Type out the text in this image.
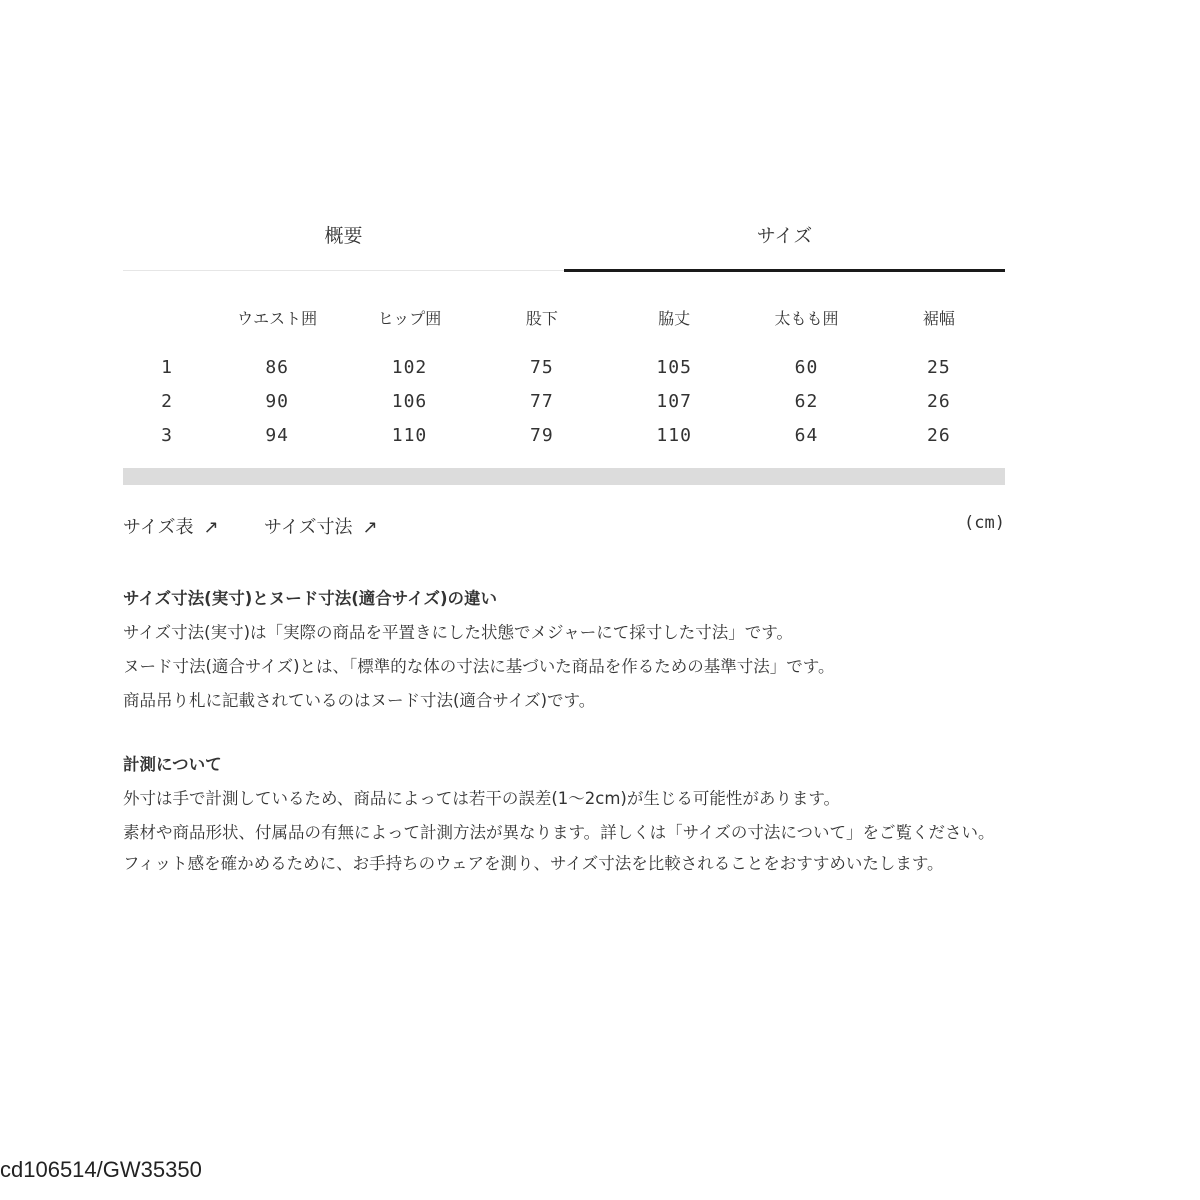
概要	サイズ
	ウエスト囲	ヒップ囲	股下	脇丈	太もも囲	裾幅

1	86	102	75	105	60	25
2	90	106	77	107	62	26
3	94	110	79	110	64	26
サイズ表 ↗	サイズ寸法 ↗	(cm)
サイズ寸法(実寸)とヌード寸法(適合サイズ)の違い

サイズ寸法(実寸)は「実際の商品を平置きにした状態でメジャーにて採寸した寸法」です。

ヌード寸法(適合サイズ)とは、「標準的な体の寸法に基づいた商品を作るための基準寸法」です。

商品吊り札に記載されているのはヌード寸法(適合サイズ)です。

計測について

外寸は手で計測しているため、商品によっては若干の誤差(1〜2cm)が生じる可能性があります。

素材や商品形状、付属品の有無によって計測方法が異なります。詳しくは「サイズの寸法について」をご覧ください。

フィット感を確かめるために、お手持ちのウェアを測り、サイズ寸法を比較されることをおすすめいたします。

cd106514/GW35350
